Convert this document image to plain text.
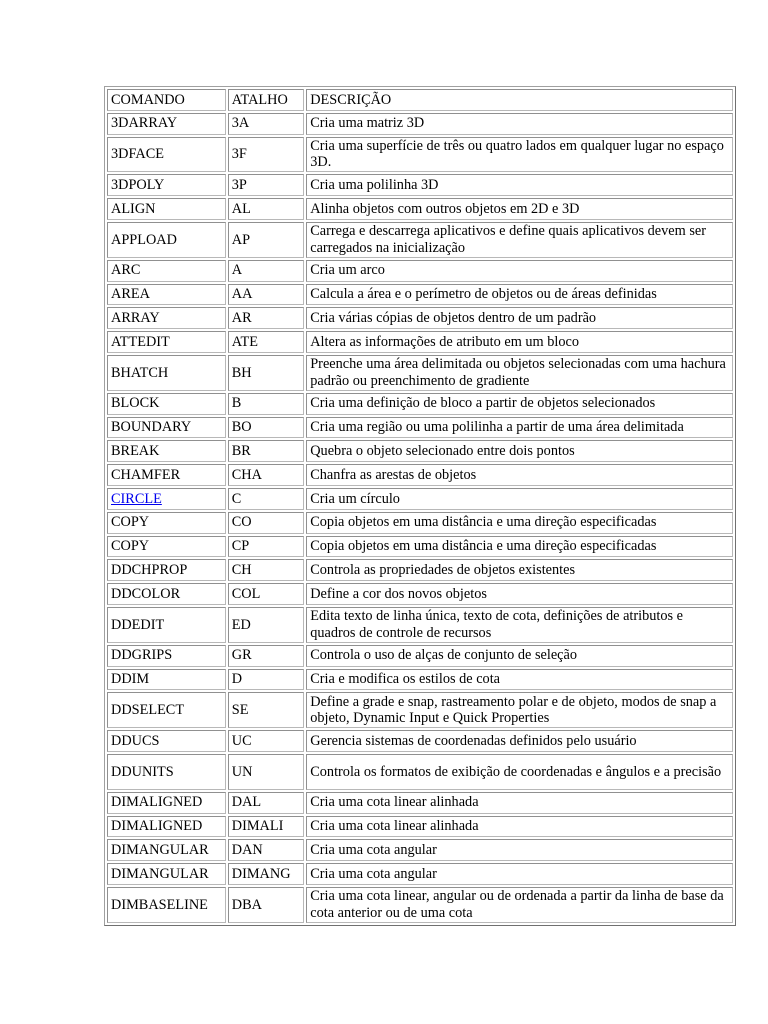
COMANDO	ATALHO	DESCRIÇÃO
3DARRAY	3A	Cria uma matriz 3D
3DFACE	3F	Cria uma superfície de três ou quatro lados em qualquer lugar no espaço 3D.
3DPOLY	3P	Cria uma polilinha 3D
ALIGN	AL	Alinha objetos com outros objetos em 2D e 3D
APPLOAD	AP	Carrega e descarrega aplicativos e define quais aplicativos devem ser carregados na inicialização
ARC	A	Cria um arco
AREA	AA	Calcula a área e o perímetro de objetos ou de áreas definidas
ARRAY	AR	Cria várias cópias de objetos dentro de um padrão
ATTEDIT	ATE	Altera as informações de atributo em um bloco
BHATCH	BH	Preenche uma área delimitada ou objetos selecionadas com uma hachura padrão ou preenchimento de gradiente
BLOCK	B	Cria uma definição de bloco a partir de objetos selecionados
BOUNDARY	BO	Cria uma região ou uma polilinha a partir de uma área delimitada
BREAK	BR	Quebra o objeto selecionado entre dois pontos
CHAMFER	CHA	Chanfra as arestas de objetos
CIRCLE	C	Cria um círculo
COPY	CO	Copia objetos em uma distância e uma direção especificadas
COPY	CP	Copia objetos em uma distância e uma direção especificadas
DDCHPROP	CH	Controla as propriedades de objetos existentes
DDCOLOR	COL	Define a cor dos novos objetos
DDEDIT	ED	Edita texto de linha única, texto de cota, definições de atributos e quadros de controle de recursos
DDGRIPS	GR	Controla o uso de alças de conjunto de seleção
DDIM	D	Cria e modifica os estilos de cota
DDSELECT	SE	Define a grade e snap, rastreamento polar e de objeto, modos de snap a objeto, Dynamic Input e Quick Properties
DDUCS	UC	Gerencia sistemas de coordenadas definidos pelo usuário
DDUNITS	UN	Controla os formatos de exibição de coordenadas e ângulos e a precisão
DIMALIGNED	DAL	Cria uma cota linear alinhada
DIMALIGNED	DIMALI	Cria uma cota linear alinhada
DIMANGULAR	DAN	Cria uma cota angular
DIMANGULAR	DIMANG	Cria uma cota angular
DIMBASELINE	DBA	Cria uma cota linear, angular ou de ordenada a partir da linha de base da cota anterior ou de uma cota
